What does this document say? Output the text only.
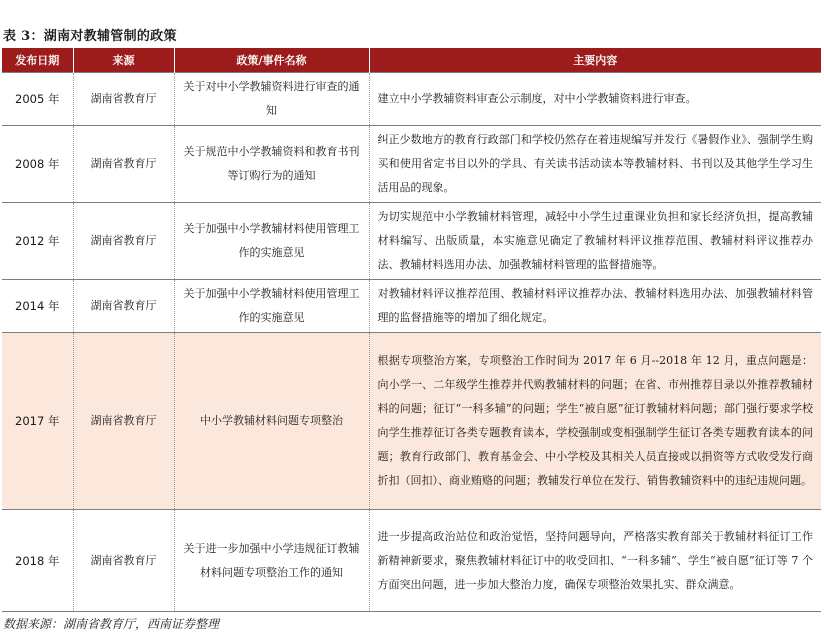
表 3：湖南对教辅管制的政策
发布日期	来源	政策/事件名称	主要内容
2005 年	湖南省教育厅	关于对中小学教辅资料进行审查的通知	建立中小学教辅资料审查公示制度，对中小学教辅资料进行审查。
2008 年	湖南省教育厅	关于规范中小学教辅资料和教育书刊等订购行为的通知	纠正少数地方的教育行政部门和学校仍然存在着违规编写并发行《暑假作业》、强制学生购买和使用省定书目以外的学具、有关读书活动读本等教辅材料、书刊以及其他学生学习生活用品的现象。
2012 年	湖南省教育厅	关于加强中小学教辅材料使用管理工作的实施意见	为切实规范中小学教辅材料管理，减轻中小学生过重课业负担和家长经济负担，提高教辅材料编写、出版质量，本实施意见确定了教辅材料评议推荐范围、教辅材料评议推荐办法、教辅材料选用办法、加强教辅材料管理的监督措施等。
2014 年	湖南省教育厅	关于加强中小学教辅材料使用管理工作的实施意见	对教辅材料评议推荐范围、教辅材料评议推荐办法、教辅材料选用办法、加强教辅材料管理的监督措施等的增加了细化规定。
2017 年	湖南省教育厅	中小学教辅材料问题专项整治	根据专项整治方案，专项整治工作时间为 2017 年 6 月--2018 年 12 月，重点问题是：向小学一、二年级学生推荐并代购教辅材料的问题；在省、市州推荐目录以外推荐教辅材料的问题；征订“一科多辅”的问题；学生“被自愿”征订教辅材料问题；部门强行要求学校向学生推荐征订各类专题教育读本，学校强制或变相强制学生征订各类专题教育读本的问题；教育行政部门、教育基金会、中小学校及其相关人员直接或以捐资等方式收受发行商折扣（回扣）、商业贿赂的问题；教辅发行单位在发行、销售教辅资料中的违纪违规问题。
2018 年	湖南省教育厅	关于进一步加强中小学违规征订教辅材料问题专项整治工作的通知	进一步提高政治站位和政治觉悟，坚持问题导向，严格落实教育部关于教辅材料征订工作新精神新要求，聚焦教辅材料征订中的收受回扣、“一科多辅”、学生“被自愿”征订等 7 个方面突出问题，进一步加大整治力度，确保专项整治效果扎实、群众满意。
数据来源：湖南省教育厅，西南证券整理
